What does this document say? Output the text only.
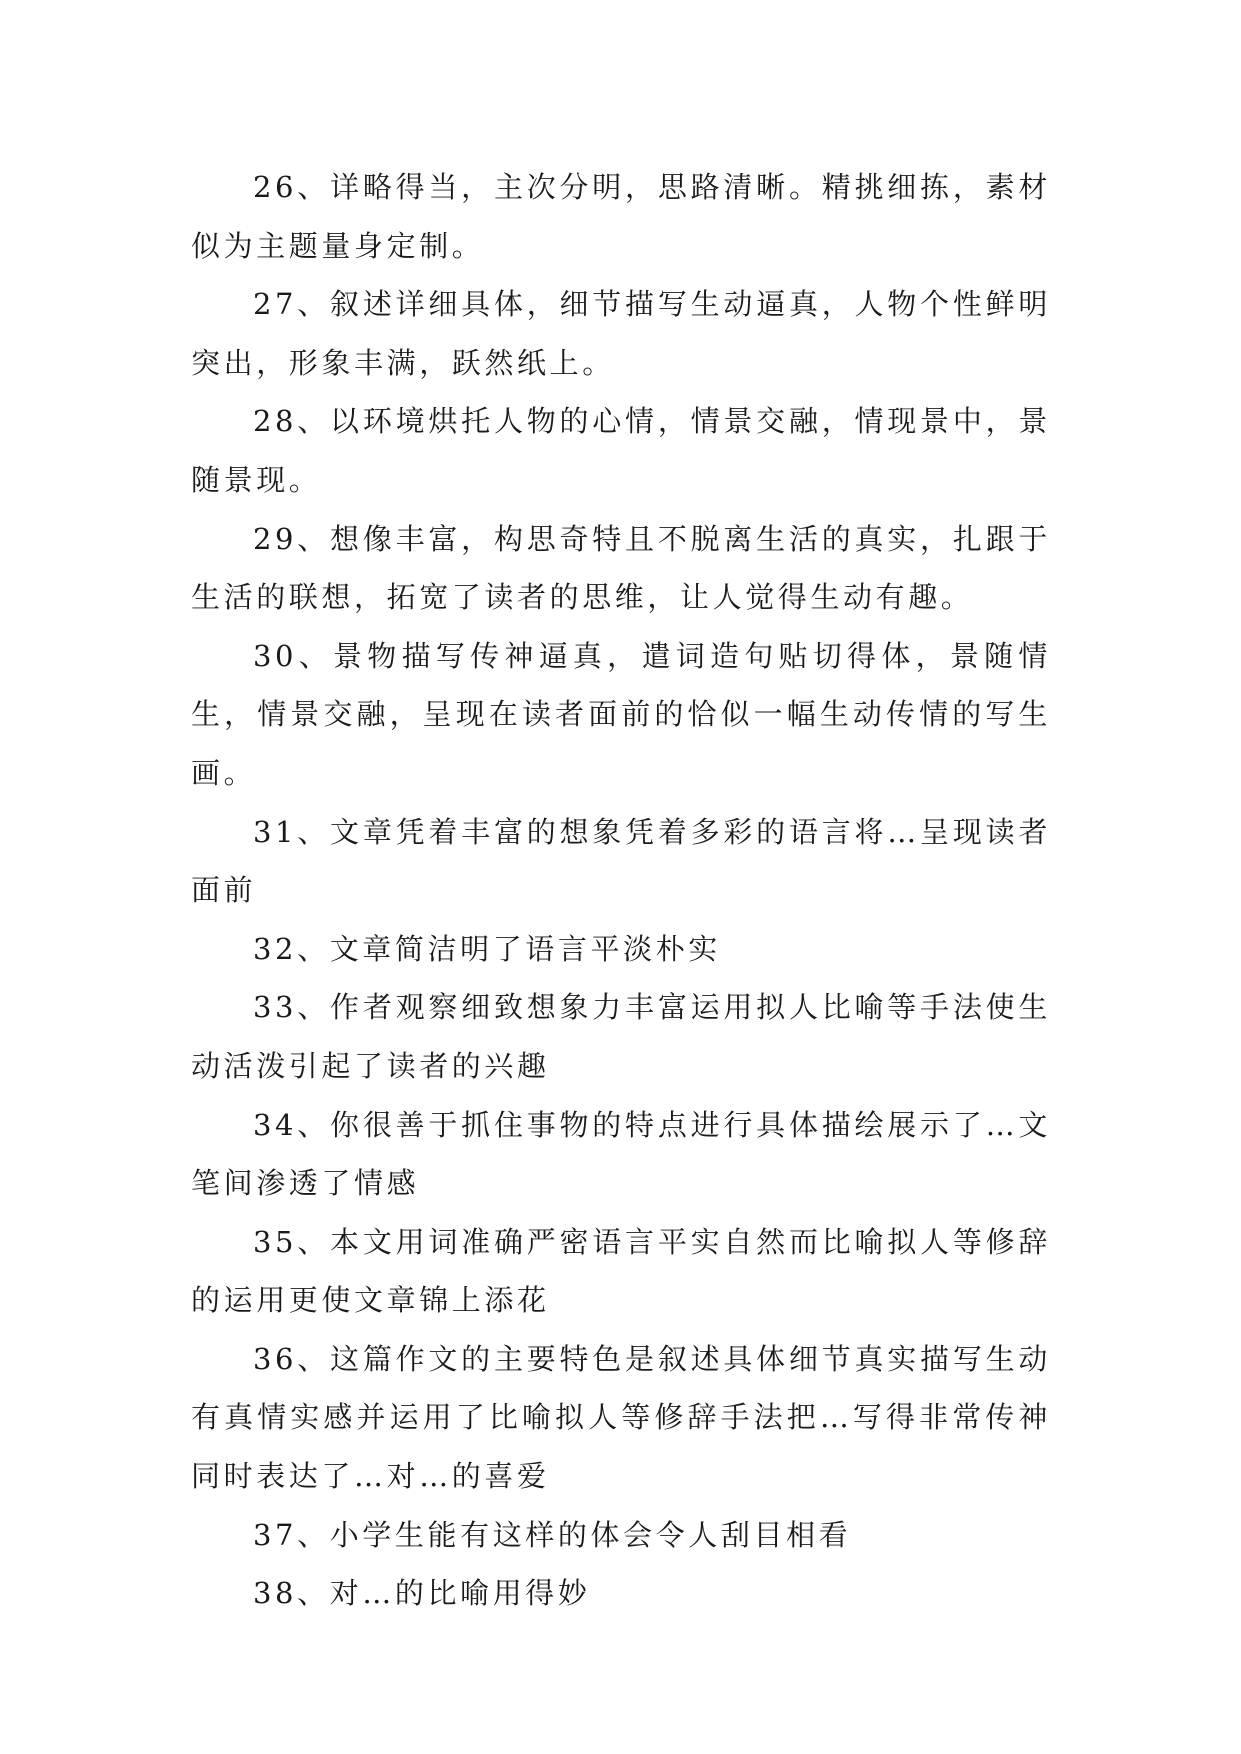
26、详略得当，主次分明，思路清晰。精挑细拣，素材似为主题量身定制。

27、叙述详细具体，细节描写生动逼真，人物个性鲜明突出，形象丰满，跃然纸上。

28、以环境烘托人物的心情，情景交融，情现景中，景随景现。

29、想像丰富，构思奇特且不脱离生活的真实，扎跟于生活的联想，拓宽了读者的思维，让人觉得生动有趣。

30、景物描写传神逼真，遣词造句贴切得体，景随情生，情景交融，呈现在读者面前的恰似一幅生动传情的写生画。

31、文章凭着丰富的想象凭着多彩的语言将…呈现读者面前

32、文章简洁明了语言平淡朴实

33、作者观察细致想象力丰富运用拟人比喻等手法使生动活泼引起了读者的兴趣

34、你很善于抓住事物的特点进行具体描绘展示了…文笔间渗透了情感

35、本文用词准确严密语言平实自然而比喻拟人等修辞的运用更使文章锦上添花

36、这篇作文的主要特色是叙述具体细节真实描写生动有真情实感并运用了比喻拟人等修辞手法把…写得非常传神同时表达了…对…的喜爱

37、小学生能有这样的体会令人刮目相看

38、对…的比喻用得妙
